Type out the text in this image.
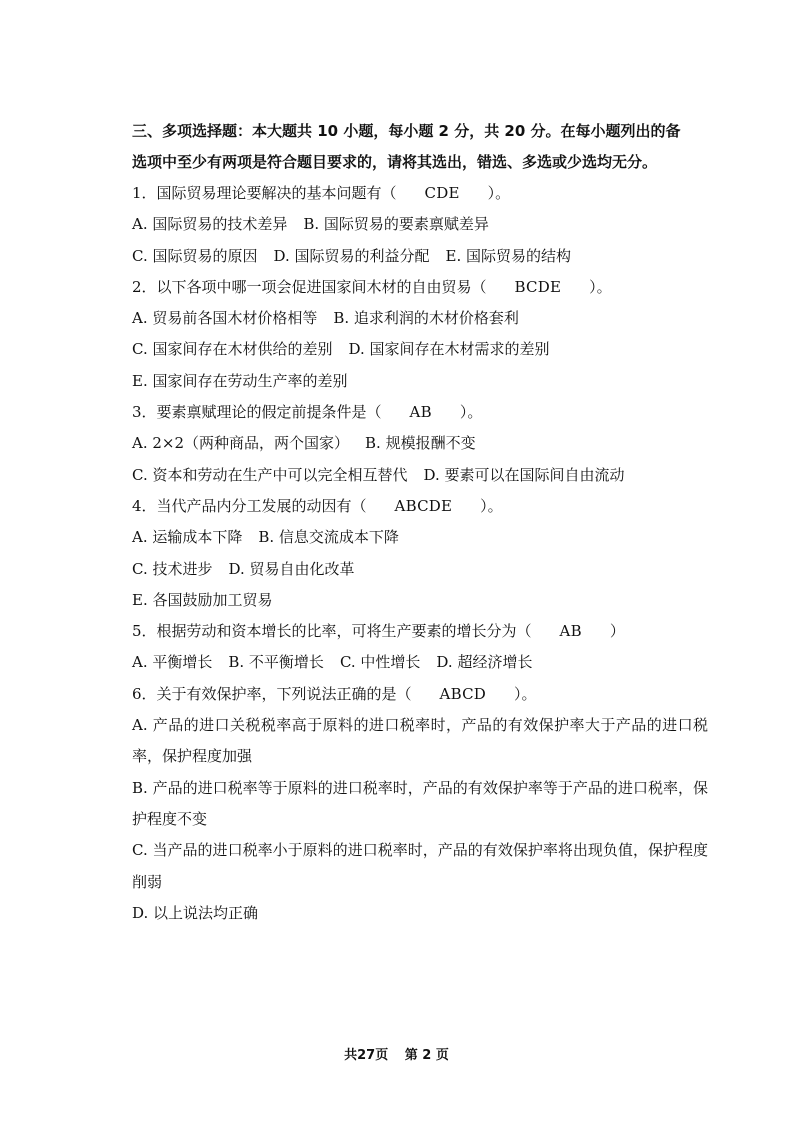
三、多项选择题：本大题共 10 小题，每小题 2 分，共 20 分。在每小题列出的备

选项中至少有两项是符合题目要求的，请将其选出，错选、多选或少选均无分。

1．国际贸易理论要解决的基本问题有（ CDE ）。
A. 国际贸易的技术差异 B. 国际贸易的要素禀赋差异
C. 国际贸易的原因 D. 国际贸易的利益分配 E. 国际贸易的结构
2．以下各项中哪一项会促进国家间木材的自由贸易（ BCDE ）。
A. 贸易前各国木材价格相等 B. 追求利润的木材价格套利
C. 国家间存在木材供给的差别 D. 国家间存在木材需求的差别
E. 国家间存在劳动生产率的差别
3．要素禀赋理论的假定前提条件是（ AB ）。
A. 2×2（两种商品，两个国家） B. 规模报酬不变
C. 资本和劳动在生产中可以完全相互替代 D. 要素可以在国际间自由流动
4．当代产品内分工发展的动因有（ ABCDE ）。
A. 运输成本下降 B. 信息交流成本下降
C. 技术进步 D. 贸易自由化改革
E. 各国鼓励加工贸易
5．根据劳动和资本增长的比率，可将生产要素的增长分为（ AB ）
A. 平衡增长 B. 不平衡增长 C. 中性增长 D. 超经济增长
6．关于有效保护率，下列说法正确的是（ ABCD ）。
A. 产品的进口关税税率高于原料的进口税率时，产品的有效保护率大于产品的进口税率，保护程度加强
B. 产品的进口税率等于原料的进口税率时，产品的有效保护率等于产品的进口税率，保护程度不变
C. 当产品的进口税率小于原料的进口税率时，产品的有效保护率将出现负值，保护程度削弱
D. 以上说法均正确
共27页 第 2 页
